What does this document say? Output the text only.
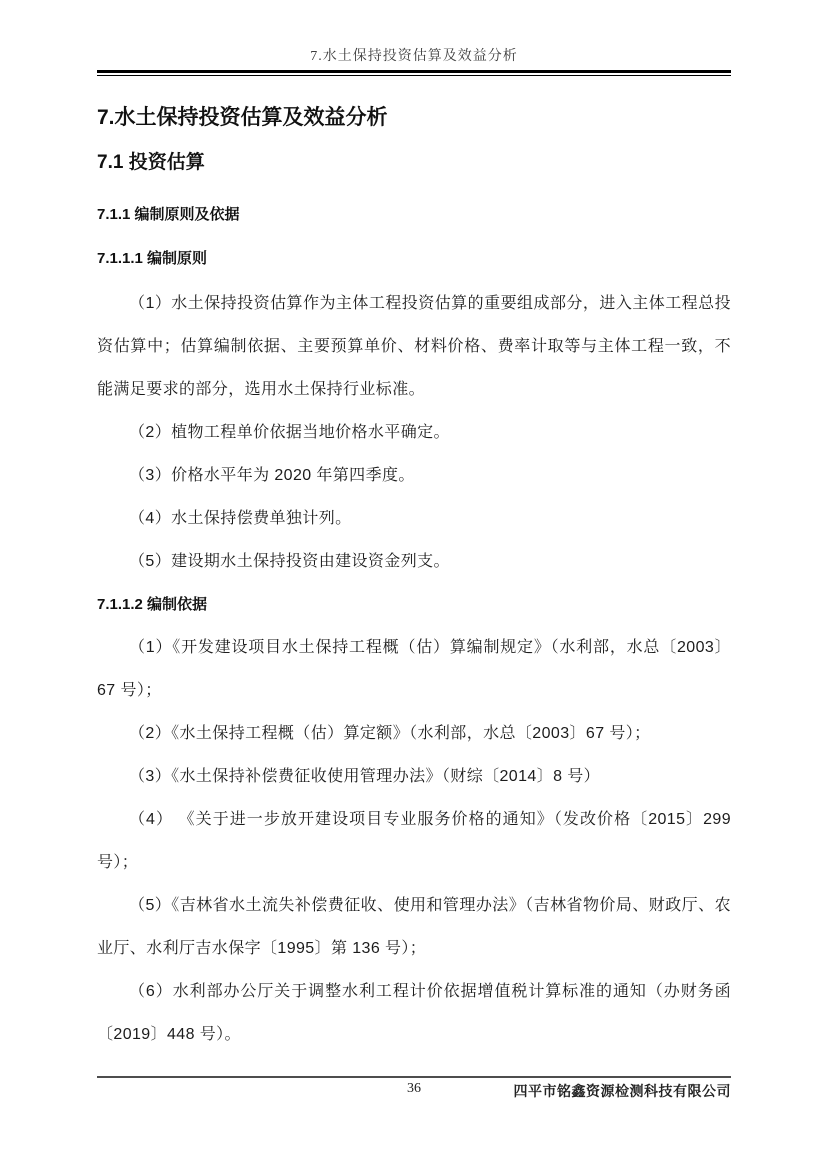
7.水土保持投资估算及效益分析
7.水土保持投资估算及效益分析
7.1 投资估算
7.1.1 编制原则及依据
7.1.1.1 编制原则

（1）水土保持投资估算作为主体工程投资估算的重要组成部分，进入主体工程总投资估算中；估算编制依据、主要预算单价、材料价格、费率计取等与主体工程一致，不能满足要求的部分，选用水土保持行业标准。

（2）植物工程单价依据当地价格水平确定。

（3）价格水平年为 2020 年第四季度。

（4）水土保持偿费单独计列。

（5）建设期水土保持投资由建设资金列支。

7.1.1.2 编制依据

（1）《开发建设项目水土保持工程概（估）算编制规定》（水利部，水总〔2003〕67 号）；

（2）《水土保持工程概（估）算定额》（水利部，水总〔2003〕67 号）；

（3）《水土保持补偿费征收使用管理办法》（财综〔2014〕8 号）

（4） 《关于进一步放开建设项目专业服务价格的通知》（发改价格〔2015〕299 号）；

（5）《吉林省水土流失补偿费征收、使用和管理办法》（吉林省物价局、财政厅、农业厅、水利厅吉水保字〔1995〕第 136 号）；

（6）水利部办公厅关于调整水利工程计价依据增值税计算标准的通知（办财务函〔2019〕448 号）。

36	四平市铭鑫资源检测科技有限公司
